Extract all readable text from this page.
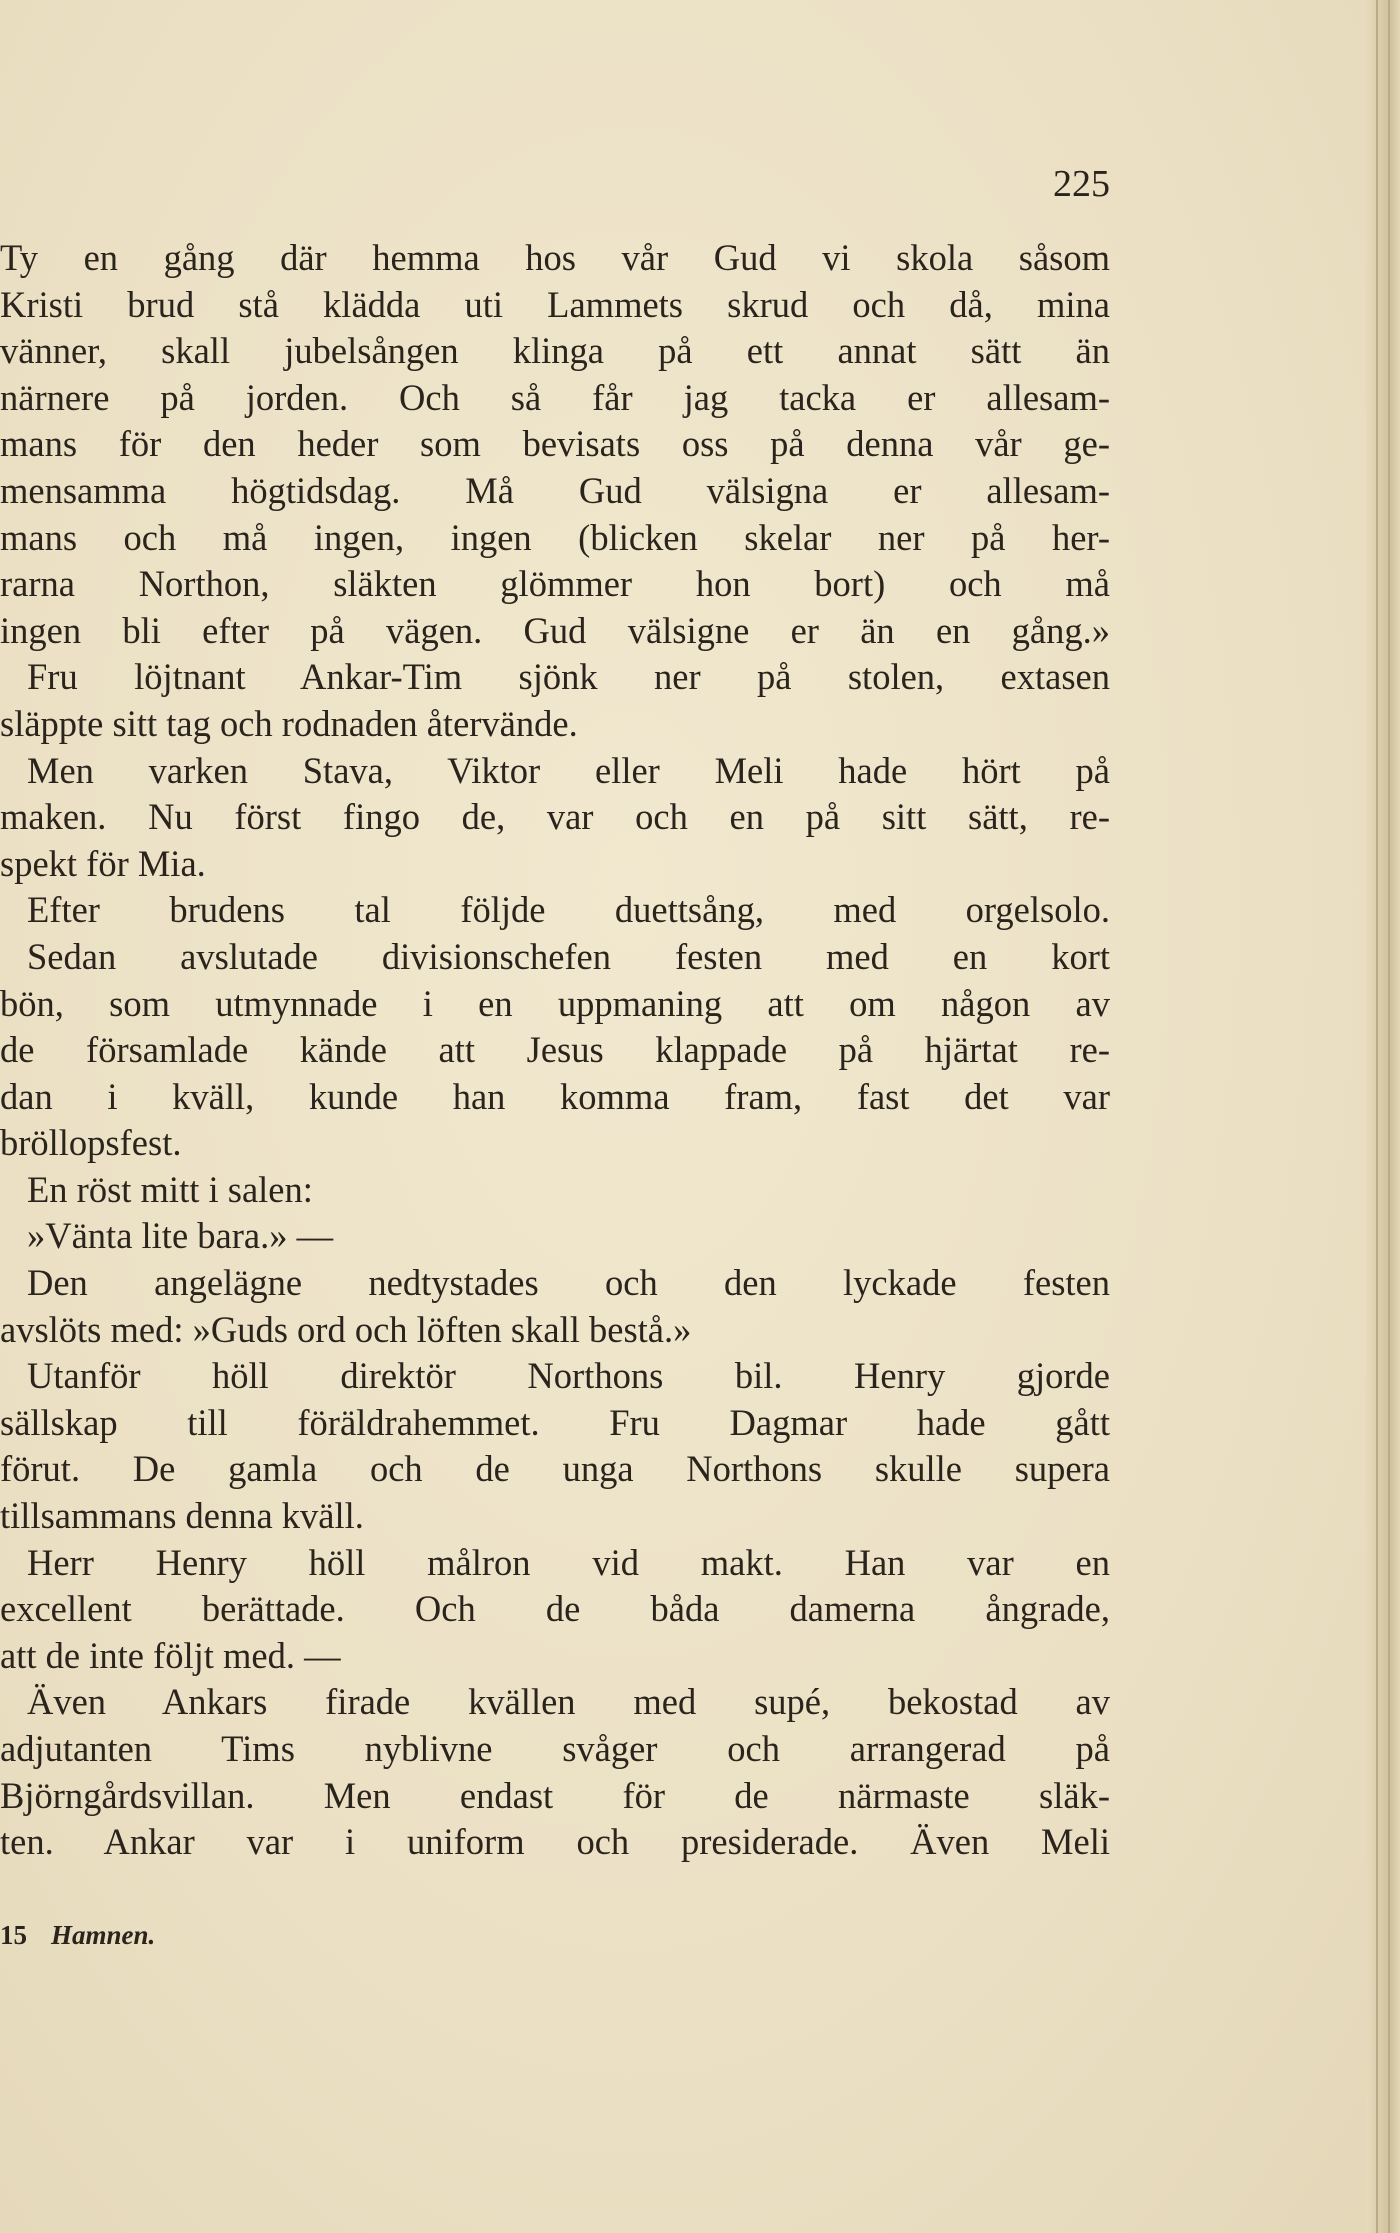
225
Ty en gång där hemma hos vår Gud vi skola såsom
Kristi brud stå klädda uti Lammets skrud och då, mina
vänner, skall jubelsången klinga på ett annat sätt än
närnere på jorden. Och så får jag tacka er allesam-
mans för den heder som bevisats oss på denna vår ge-
mensamma högtidsdag. Må Gud välsigna er allesam-
mans och må ingen, ingen (blicken skelar ner på her-
rarna Northon, släkten glömmer hon bort) och må
ingen bli efter på vägen. Gud välsigne er än en gång.»
Fru löjtnant Ankar-Tim sjönk ner på stolen, extasen
släppte sitt tag och rodnaden återvände.
Men varken Stava, Viktor eller Meli hade hört på
maken. Nu först fingo de, var och en på sitt sätt, re-
spekt för Mia.
Efter brudens tal följde duettsång, med orgelsolo.
Sedan avslutade divisionschefen festen med en kort
bön, som utmynnade i en uppmaning att om någon av
de församlade kände att Jesus klappade på hjärtat re-
dan i kväll, kunde han komma fram, fast det var
bröllopsfest.
En röst mitt i salen:
»Vänta lite bara.» —
Den angelägne nedtystades och den lyckade festen
avslöts med: »Guds ord och löften skall bestå.»
Utanför höll direktör Northons bil. Henry gjorde
sällskap till föräldrahemmet. Fru Dagmar hade gått
förut. De gamla och de unga Northons skulle supera
tillsammans denna kväll.
Herr Henry höll målron vid makt. Han var en
excellent berättade. Och de båda damerna ångrade,
att de inte följt med. —
Även Ankars firade kvällen med supé, bekostad av
adjutanten Tims nyblivne svåger och arrangerad på
Björngårdsvillan. Men endast för de närmaste släk-
ten. Ankar var i uniform och presiderade. Även Meli
15 Hamnen.
